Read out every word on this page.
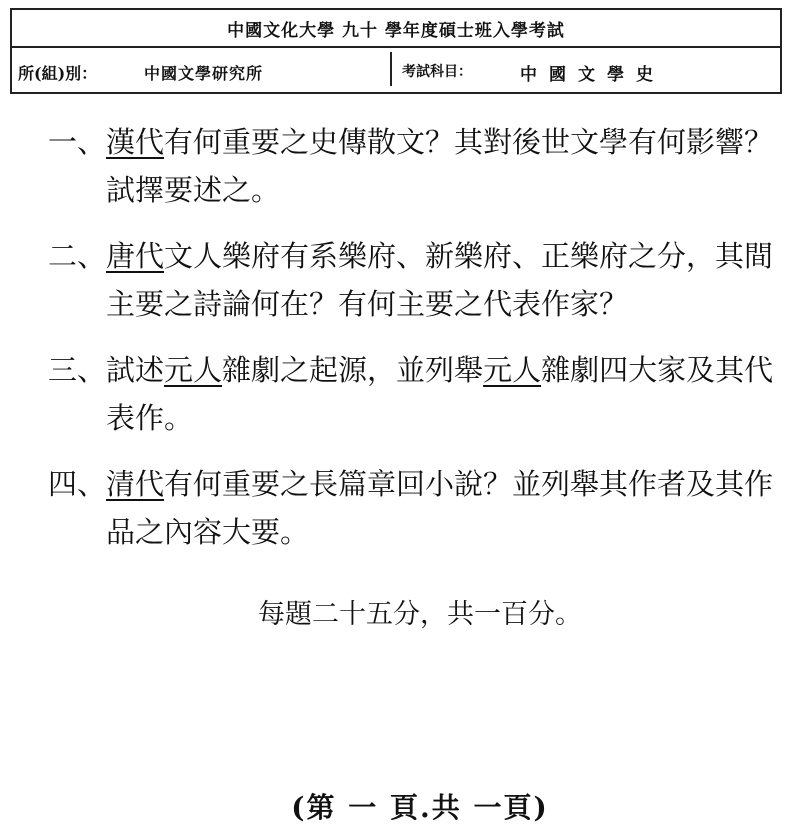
中國文化大學 九十 學年度碩士班入學考試
所(組)別：	中國文學研究所	考試科目：	中國文學史
一、 漢代有何重要之史傳散文？其對後世文學有何影響？試擇要述之。
二、 唐代文人樂府有系樂府、新樂府、正樂府之分，其間主要之詩論何在？有何主要之代表作家？
三、 試述元人雜劇之起源，並列舉元人雜劇四大家及其代表作。
四、 清代有何重要之長篇章回小說？並列舉其作者及其作品之內容大要。
每題二十五分，共一百分。
(第 一 頁.共 一頁)
